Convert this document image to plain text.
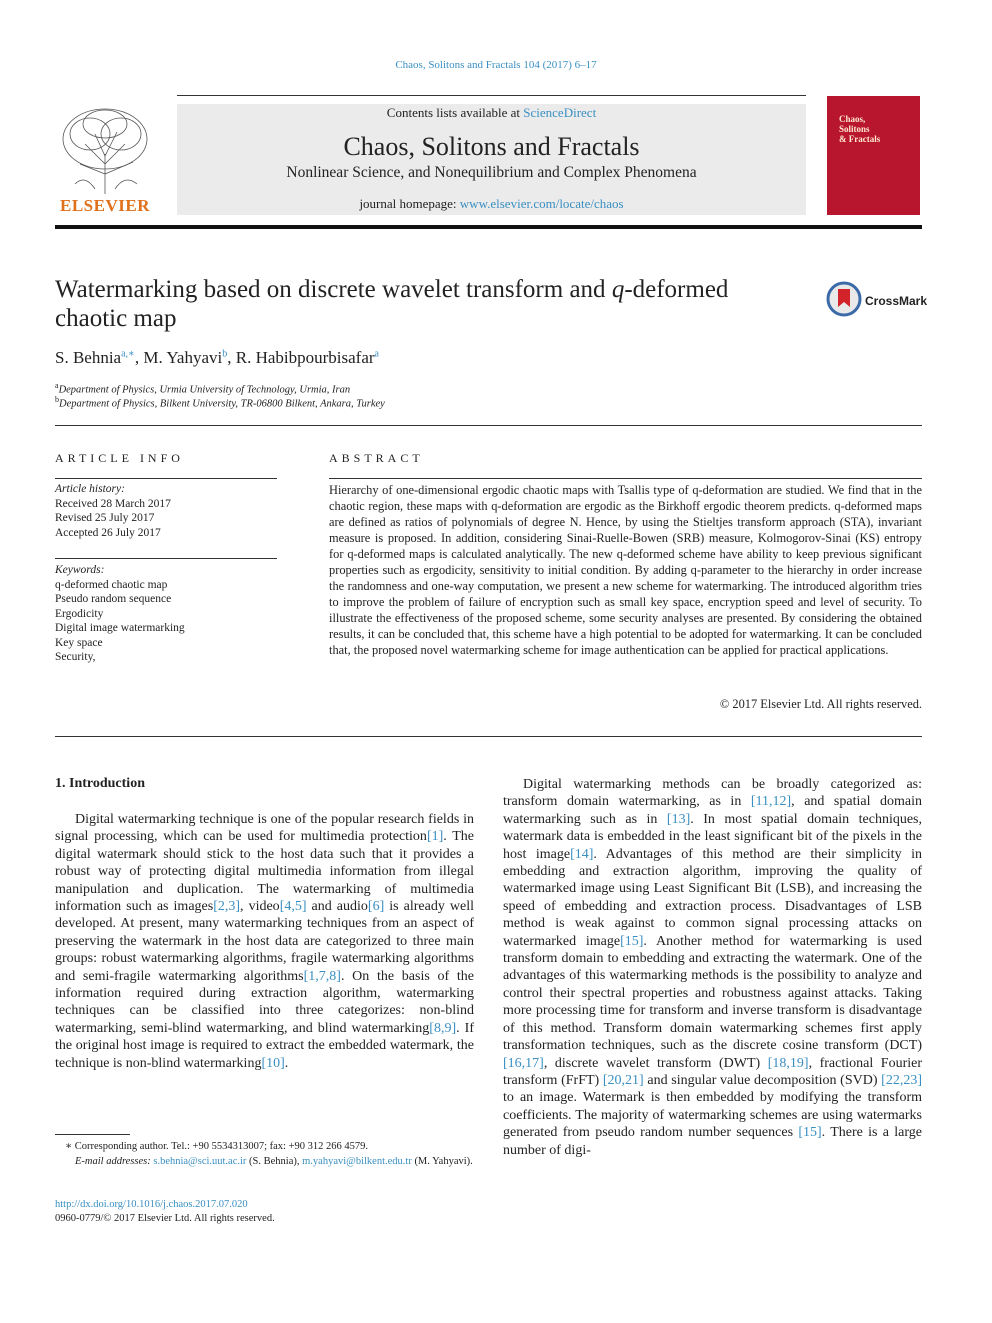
Chaos, Solitons and Fractals 104 (2017) 6–17
ELSEVIER
Contents lists available at ScienceDirect
Chaos, Solitons and Fractals
Nonlinear Science, and Nonequilibrium and Complex Phenomena
journal homepage: www.elsevier.com/locate/chaos
Chaos,
Solitons
& Fractals
Watermarking based on discrete wavelet transform and q-deformed
chaotic map
CrossMark
S. Behnia$^{a,∗}$, M. Yahyavi$^b$, R. Habibpourbisafar$^a$
$^a$Department of Physics, Urmia University of Technology, Urmia, Iran
$^b$Department of Physics, Bilkent University, TR-06800 Bilkent, Ankara, Turkey
ARTICLE INFO
Article history:
Received 28 March 2017
Revised 25 July 2017
Accepted 26 July 2017
Keywords:
q-deformed chaotic map
Pseudo random sequence
Ergodicity
Digital image watermarking
Key space
Security,
ABSTRACT
Hierarchy of one-dimensional ergodic chaotic maps with Tsallis type of q-deformation are studied. We find that in the chaotic region, these maps with q-deformation are ergodic as the Birkhoff ergodic theorem predicts. q-deformed maps are defined as ratios of polynomials of degree N. Hence, by using the Stieltjes transform approach (STA), invariant measure is proposed. In addition, considering Sinai-Ruelle-Bowen (SRB) measure, Kolmogorov-Sinai (KS) entropy for q-deformed maps is calculated analytically. The new q-deformed scheme have ability to keep previous significant properties such as ergodicity, sensitivity to initial condition. By adding q-parameter to the hierarchy in order increase the randomness and one-way computation, we present a new scheme for watermarking. The introduced algorithm tries to improve the problem of failure of encryption such as small key space, encryption speed and level of security. To illustrate the effectiveness of the proposed scheme, some security analyses are presented. By considering the obtained results, it can be concluded that, this scheme have a high potential to be adopted for watermarking. It can be concluded that, the proposed novel watermarking scheme for image authentication can be applied for practical applications.
© 2017 Elsevier Ltd. All rights reserved.
1. Introduction

Digital watermarking technique is one of the popular research fields in signal processing, which can be used for multimedia protection[1]. The digital watermark should stick to the host data such that it provides a robust way of protecting digital multimedia information from illegal manipulation and duplication. The watermarking of multimedia information such as images[2,3], video[4,5] and audio[6] is already well developed. At present, many watermarking techniques from an aspect of preserving the watermark in the host data are categorized to three main groups: robust watermarking algorithms, fragile watermarking algorithms and semi-fragile watermarking algorithms[1,7,8]. On the basis of the information required during extraction algorithm, watermarking techniques can be classified into three categorizes: non-blind watermarking, semi-blind watermarking, and blind watermarking[8,9]. If the original host image is required to extract the embedded watermark, the technique is non-blind watermarking[10].

Digital watermarking methods can be broadly categorized as: transform domain watermarking, as in [11,12], and spatial domain watermarking such as in [13]. In most spatial domain techniques, watermark data is embedded in the least significant bit of the pixels in the host image[14]. Advantages of this method are their simplicity in embedding and extraction algorithm, improving the quality of watermarked image using Least Significant Bit (LSB), and increasing the speed of embedding and extraction process. Disadvantages of LSB method is weak against to common signal processing attacks on watermarked image[15]. Another method for watermarking is used transform domain to embedding and extracting the watermark. One of the advantages of this watermarking methods is the possibility to analyze and control their spectral properties and robustness against attacks. Taking more processing time for transform and inverse transform is disadvantage of this method. Transform domain watermarking schemes first apply transformation techniques, such as the discrete cosine transform (DCT) [16,17], discrete wavelet transform (DWT) [18,19], fractional Fourier transform (FrFT) [20,21] and singular value decomposition (SVD) [22,23] to an image. Watermark is then embedded by modifying the transform coefficients. The majority of watermarking schemes are using watermarks generated from pseudo random number sequences [15]. There is a large number of digi-

∗ Corresponding author. Tel.: +90 5534313007; fax: +90 312 266 4579.
E-mail addresses: s.behnia@sci.uut.ac.ir (S. Behnia), m.yahyavi@bilkent.edu.tr (M. Yahyavi).
http://dx.doi.org/10.1016/j.chaos.2017.07.020
0960-0779/© 2017 Elsevier Ltd. All rights reserved.
